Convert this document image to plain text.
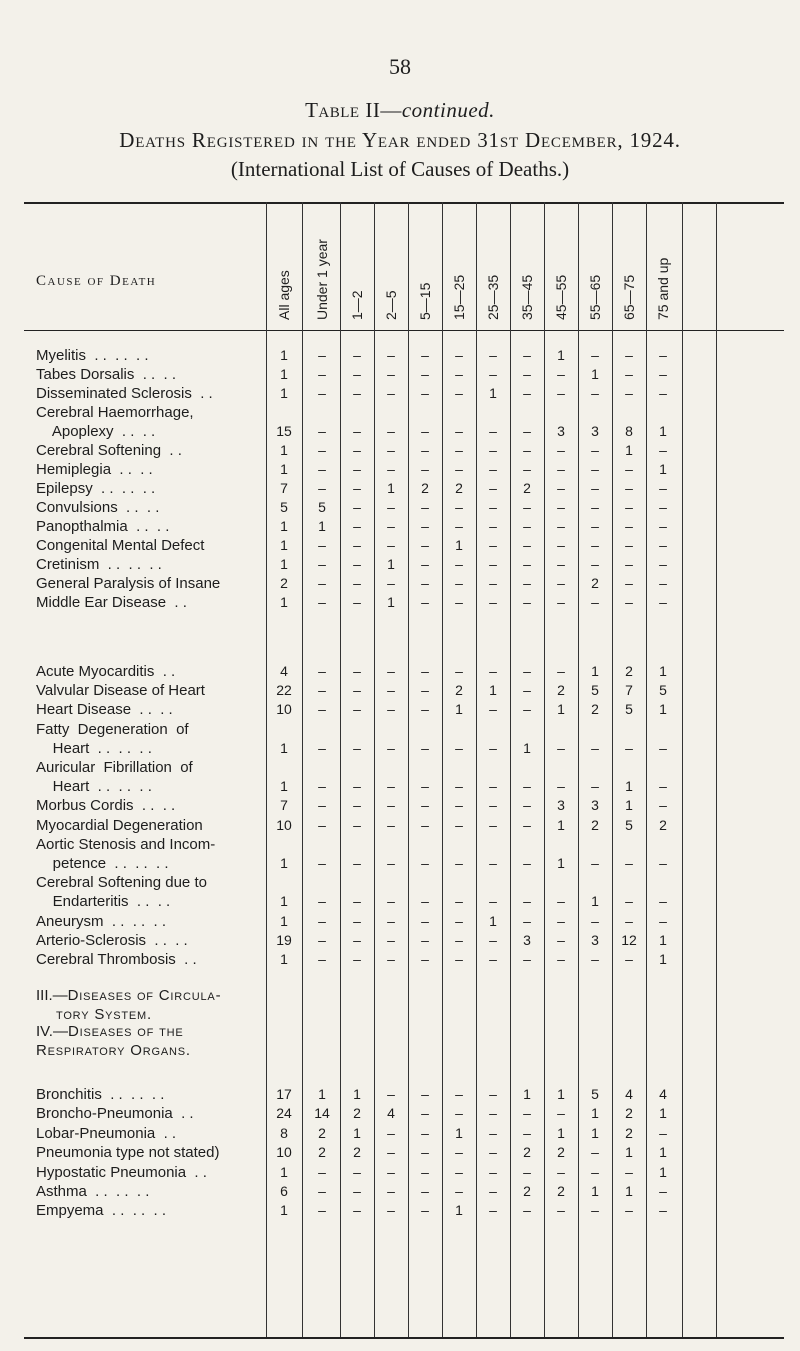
58
Table II—continued.
Deaths Registered in the Year ended 31st December, 1924.
(International List of Causes of Deaths.)
Cause of Death	All ages	Under 1 year	1—2	2—5	5—15	15—25	25—35	35—45	45—55	55—65	65—75	75 and up
Myelitis  . .  . .  . .	1	–	–	–	–	–	–	–	1	–	–	–
Tabes Dorsalis  . .  . .	1	–	–	–	–	–	–	–	–	1	–	–
Disseminated Sclerosis  . .	1	–	–	–	–	–	1	–	–	–	–	–
Cerebral Haemorrhage,
Apoplexy  . .  . .	15	–	–	–	–	–	–	–	3	3	8	1
Cerebral Softening  . .	1	–	–	–	–	–	–	–	–	–	1	–
Hemiplegia  . .  . .	1	–	–	–	–	–	–	–	–	–	–	1
Epilepsy  . .  . .  . .	7	–	–	1	2	2	–	2	–	–	–	–
Convulsions  . .  . .	5	5	–	–	–	–	–	–	–	–	–	–
Panopthalmia  . .  . .	1	1	–	–	–	–	–	–	–	–	–	–
Congenital Mental Defect	1	–	–	–	–	1	–	–	–	–	–	–
Cretinism  . .  . .  . .	1	–	–	1	–	–	–	–	–	–	–	–
General Paralysis of Insane	2	–	–	–	–	–	–	–	–	2	–	–
Middle Ear Disease  . .	1	–	–	1	–	–	–	–	–	–	–	–
Acute Myocarditis  . .	4	–	–	–	–	–	–	–	–	1	2	1
Valvular Disease of Heart	22	–	–	–	–	2	1	–	2	5	7	5
Heart Disease  . .  . .	10	–	–	–	–	1	–	–	1	2	5	1
Fatty  Degeneration  of
Heart  . .  . .  . .	1	–	–	–	–	–	–	1	–	–	–	–
Auricular  Fibrillation  of
Heart  . .  . .  . .	1	–	–	–	–	–	–	–	–	–	1	–
Morbus Cordis  . .  . .	7	–	–	–	–	–	–	–	3	3	1	–
Myocardial Degeneration	10	–	–	–	–	–	–	–	1	2	5	2
Aortic Stenosis and Incom-
petence  . .  . .  . .	1	–	–	–	–	–	–	–	1	–	–	–
Cerebral Softening due to
Endarteritis  . .  . .	1	–	–	–	–	–	–	–	–	1	–	–
Aneurysm  . .  . .  . .	1	–	–	–	–	–	1	–	–	–	–	–
Arterio-Sclerosis  . .  . .	19	–	–	–	–	–	–	3	–	3	12	1
Cerebral Thrombosis  . .	1	–	–	–	–	–	–	–	–	–	–	1
Bronchitis  . .  . .  . .	17	1	1	–	–	–	–	1	1	5	4	4
Broncho-Pneumonia  . .	24	14	2	4	–	–	–	–	–	1	2	1
Lobar-Pneumonia  . .	8	2	1	–	–	1	–	–	1	1	2	–
Pneumonia type not stated)	10	2	2	–	–	–	–	2	2	–	1	1
Hypostatic Pneumonia  . .	1	–	–	–	–	–	–	–	–	–	–	1
Asthma  . .  . .  . .	6	–	–	–	–	–	–	2	2	1	1	–
Empyema  . .  . .  . .	1	–	–	–	–	1	–	–	–	–	–	–
III.—Diseases of Circula-
tory System.
IV.—Diseases of the
Respiratory Organs.
